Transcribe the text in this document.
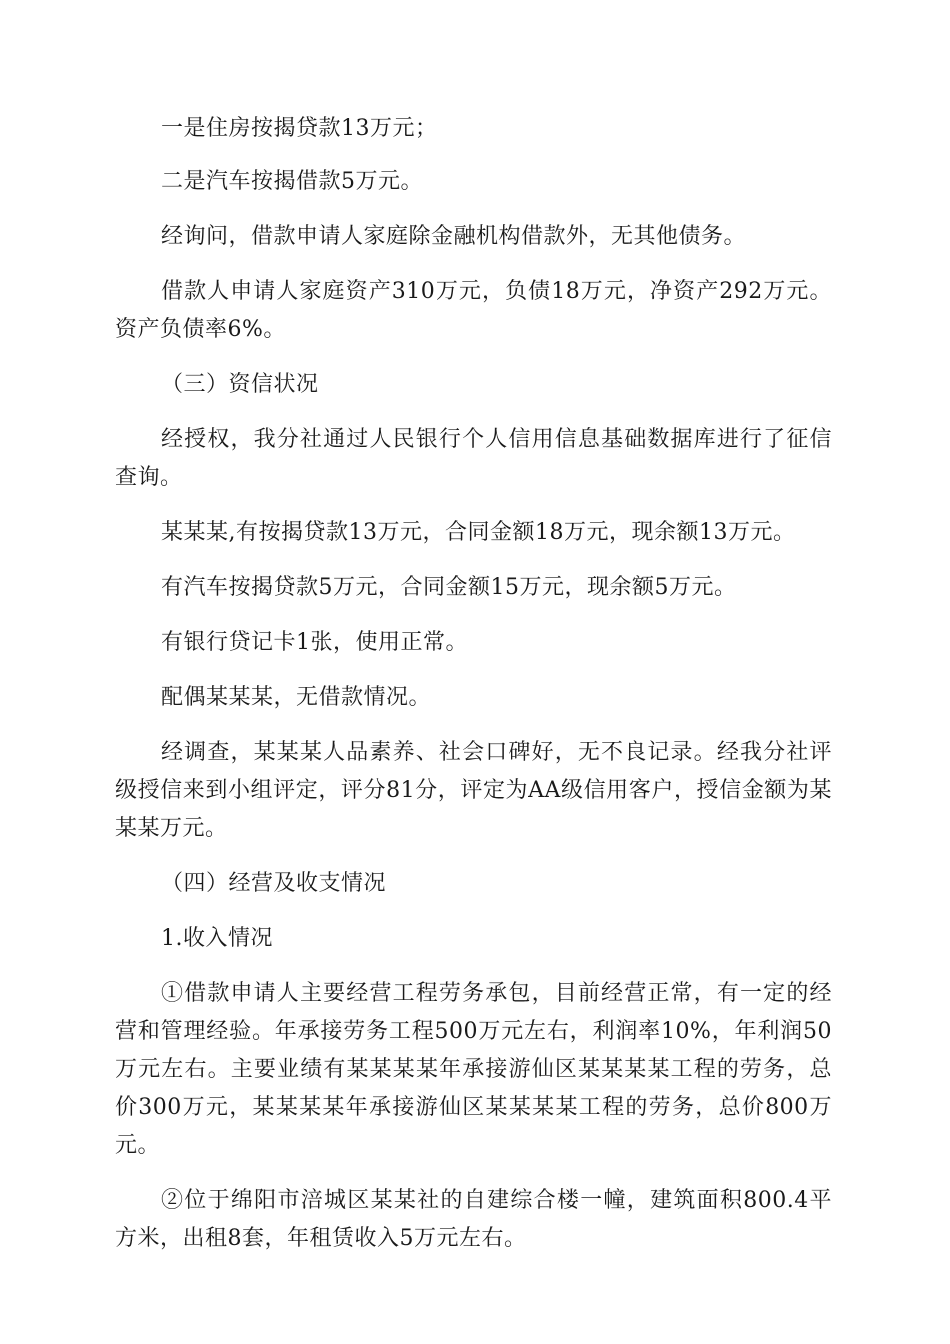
一是住房按揭贷款13万元；

二是汽车按揭借款5万元。

经询问，借款申请人家庭除金融机构借款外，无其他债务。

借款人申请人家庭资产310万元，负债18万元，净资产292万元。资产负债率6%。

（三）资信状况

经授权，我分社通过人民银行个人信用信息基础数据库进行了征信查询。

某某某,有按揭贷款13万元，合同金额18万元，现余额13万元。

有汽车按揭贷款5万元，合同金额15万元，现余额5万元。

有银行贷记卡1张，使用正常。

配偶某某某，无借款情况。

经调查，某某某人品素养、社会口碑好，无不良记录。经我分社评级授信来到小组评定，评分81分，评定为AA级信用客户，授信金额为某某某万元。

（四）经营及收支情况

1.收入情况

①借款申请人主要经营工程劳务承包，目前经营正常，有一定的经营和管理经验。年承接劳务工程500万元左右，利润率10%，年利润50万元左右。主要业绩有某某某某年承接游仙区某某某某工程的劳务，总价300万元，某某某某年承接游仙区某某某某工程的劳务，总价800万元。

②位于绵阳市涪城区某某社的自建综合楼一幢，建筑面积800.4平方米，出租8套，年租赁收入5万元左右。
